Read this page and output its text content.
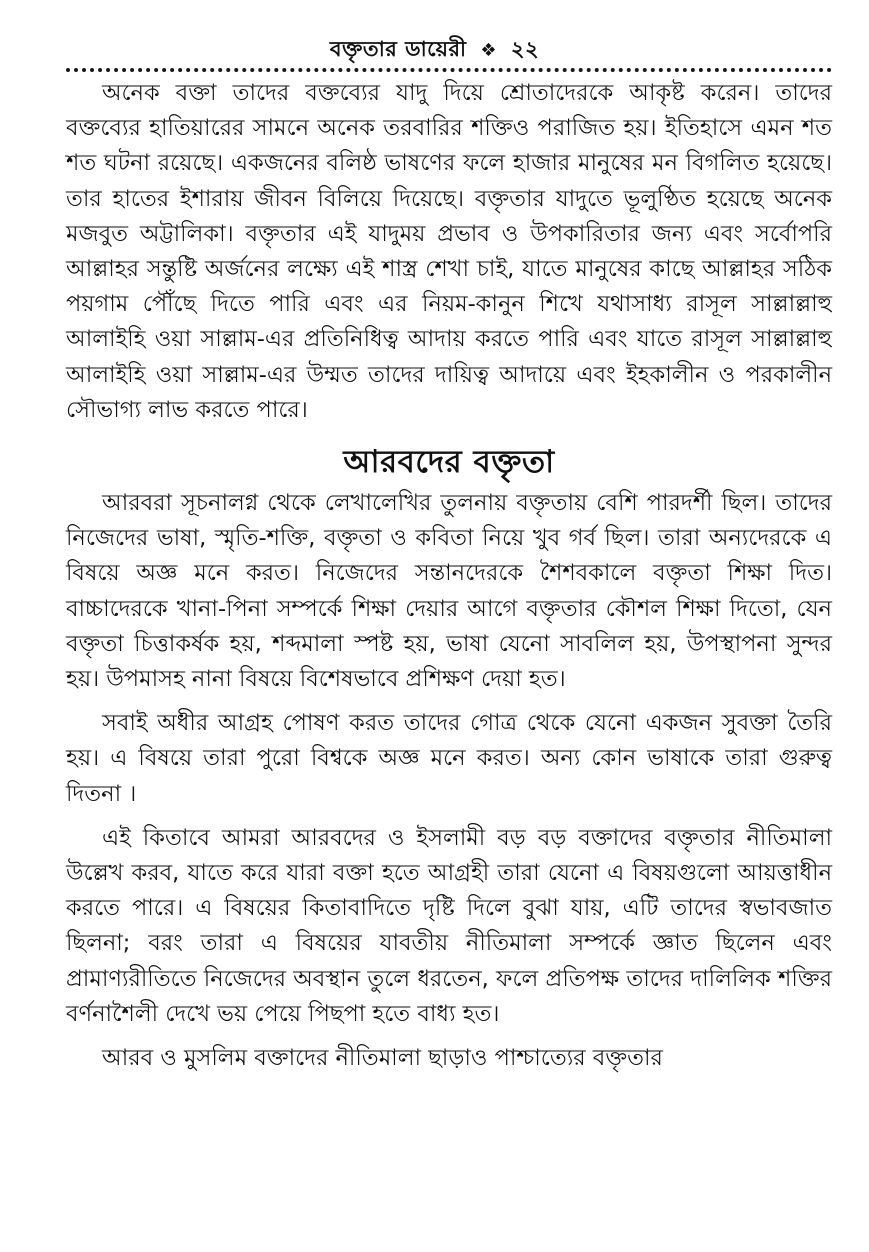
বক্তৃতার ডায়েরী ❖ ২২

অনেক বক্তা তাদের বক্তব্যের যাদু দিয়ে শ্রোতাদেরকে আকৃষ্ট করেন। তাদের বক্তব্যের হাতিয়ারের সামনে অনেক তরবারির শক্তিও পরাজিত হয়। ইতিহাসে এমন শত শত ঘটনা রয়েছে। একজনের বলিষ্ঠ ভাষণের ফলে হাজার মানুষের মন বিগলিত হয়েছে। তার হাতের ইশারায় জীবন বিলিয়ে দিয়েছে। বক্তৃতার যাদুতে ভূলুণ্ঠিত হয়েছে অনেক মজবুত অট্টালিকা। বক্তৃতার এই যাদুময় প্রভাব ও উপকারিতার জন্য এবং সর্বোপরি আল্লাহর সন্তুষ্টি অর্জনের লক্ষ্যে এই শাস্ত্র শেখা চাই, যাতে মানুষের কাছে আল্লাহর সঠিক পয়গাম পৌঁছে দিতে পারি এবং এর নিয়ম-কানুন শিখে যথাসাধ্য রাসূল সাল্লাল্লাহু আলাইহি ওয়া সাল্লাম-এর প্রতিনিধিত্ব আদায় করতে পারি এবং যাতে রাসূল সাল্লাল্লাহু আলাইহি ওয়া সাল্লাম-এর উম্মত তাদের দায়িত্ব আদায়ে এবং ইহকালীন ও পরকালীন সৌভাগ্য লাভ করতে পারে।

আরবদের বক্তৃতা

আরবরা সূচনালগ্ন থেকে লেখালেখির তুলনায় বক্তৃতায় বেশি পারদর্শী ছিল। তাদের নিজেদের ভাষা, স্মৃতি-শক্তি, বক্তৃতা ও কবিতা নিয়ে খুব গর্ব ছিল। তারা অন্যদেরকে এ বিষয়ে অজ্ঞ মনে করত। নিজেদের সন্তানদেরকে শৈশবকালে বক্তৃতা শিক্ষা দিত। বাচ্চাদেরকে খানা-পিনা সম্পর্কে শিক্ষা দেয়ার আগে বক্তৃতার কৌশল শিক্ষা দিতো, যেন বক্তৃতা চিত্তাকর্ষক হয়, শব্দমালা স্পষ্ট হয়, ভাষা যেনো সাবলিল হয়, উপস্থাপনা সুন্দর হয়। উপমাসহ নানা বিষয়ে বিশেষভাবে প্রশিক্ষণ দেয়া হত।

সবাই অধীর আগ্রহ পোষণ করত তাদের গোত্র থেকে যেনো একজন সুবক্তা তৈরি হয়। এ বিষয়ে তারা পুরো বিশ্বকে অজ্ঞ মনে করত। অন্য কোন ভাষাকে তারা গুরুত্ব দিতনা ।

এই কিতাবে আমরা আরবদের ও ইসলামী বড় বড় বক্তাদের বক্তৃতার নীতিমালা উল্লেখ করব, যাতে করে যারা বক্তা হতে আগ্রহী তারা যেনো এ বিষয়গুলো আয়ত্তাধীন করতে পারে। এ বিষয়ের কিতাবাদিতে দৃষ্টি দিলে বুঝা যায়, এটি তাদের স্বভাবজাত ছিলনা; বরং তারা এ বিষয়ের যাবতীয় নীতিমালা সম্পর্কে জ্ঞাত ছিলেন এবং প্রামাণ্যরীতিতে নিজেদের অবস্থান তুলে ধরতেন, ফলে প্রতিপক্ষ তাদের দালিলিক শক্তির বর্ণনাশৈলী দেখে ভয় পেয়ে পিছপা হতে বাধ্য হত।

আরব ও মুসলিম বক্তাদের নীতিমালা ছাড়াও পাশ্চাত্যের বক্তৃতার
